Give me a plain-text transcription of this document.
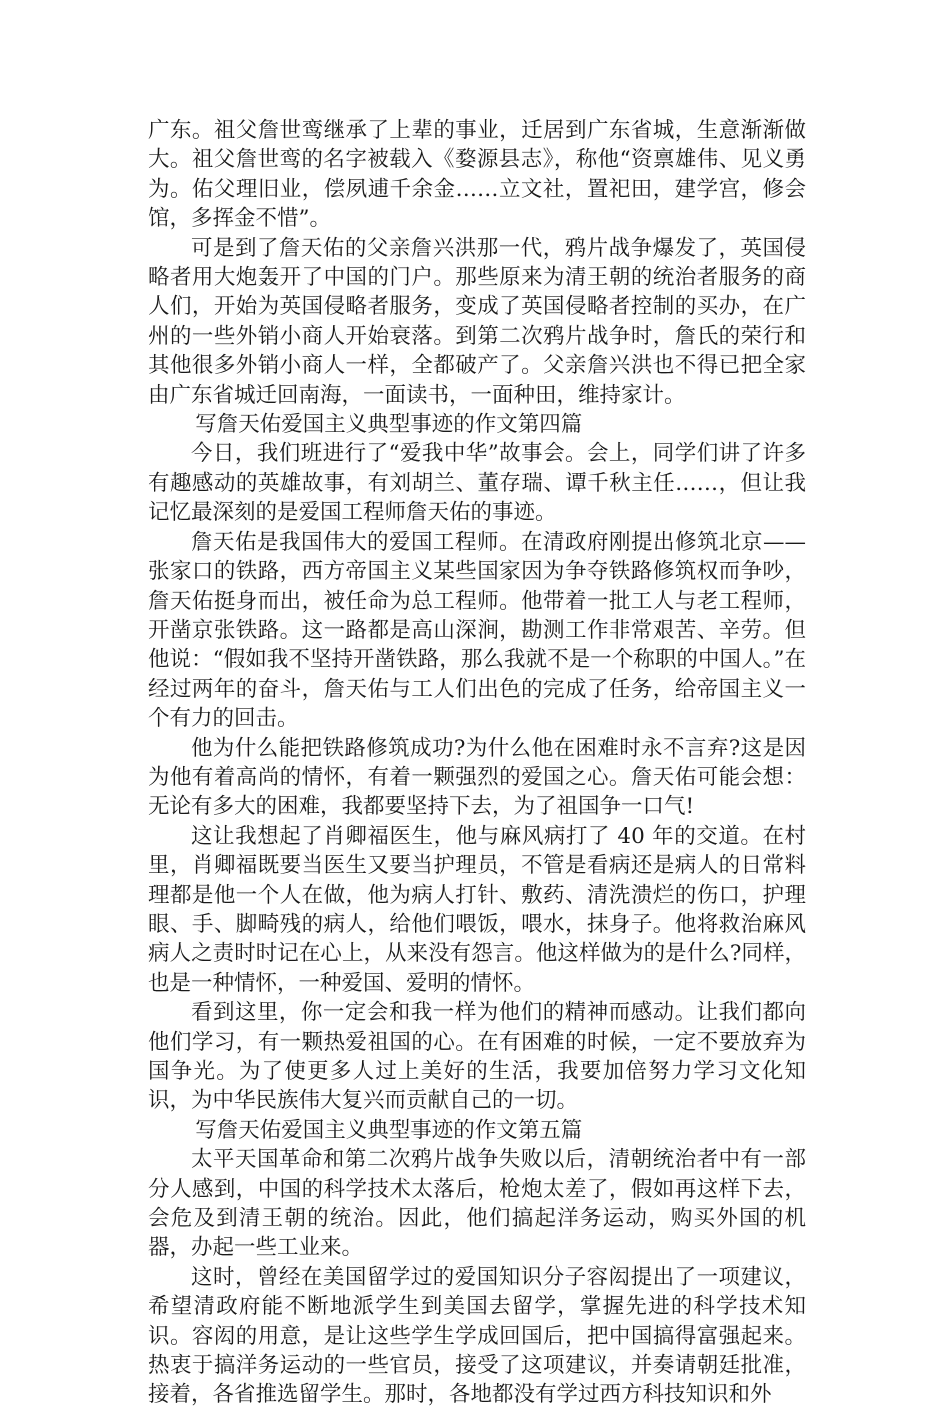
广东。祖父詹世鸾继承了上辈的事业，迁居到广东省城，生意渐渐做大。祖父詹世鸾的名字被载入《婺源县志》，称他“资禀雄伟、见义勇为。佑父理旧业，偿夙逋千余金……立文社，置祀田，建学宫，修会馆，多挥金不惜”。

可是到了詹天佑的父亲詹兴洪那一代，鸦片战争爆发了，英国侵略者用大炮轰开了中国的门户。那些原来为清王朝的统治者服务的商人们，开始为英国侵略者服务，变成了英国侵略者控制的买办，在广州的一些外销小商人开始衰落。到第二次鸦片战争时，詹氏的荣行和其他很多外销小商人一样，全都破产了。父亲詹兴洪也不得已把全家由广东省城迁回南海，一面读书，一面种田，维持家计。

写詹天佑爱国主义典型事迹的作文第四篇

今日，我们班进行了“爱我中华”故事会。会上，同学们讲了许多有趣感动的英雄故事，有刘胡兰、董存瑞、谭千秋主任……，但让我记忆最深刻的是爱国工程师詹天佑的事迹。

詹天佑是我国伟大的爱国工程师。在清政府刚提出修筑北京——张家口的铁路，西方帝国主义某些国家因为争夺铁路修筑权而争吵，詹天佑挺身而出，被任命为总工程师。他带着一批工人与老工程师，开凿京张铁路。这一路都是高山深涧，勘测工作非常艰苦、辛劳。但他说：“假如我不坚持开凿铁路，那么我就不是一个称职的中国人。”在经过两年的奋斗，詹天佑与工人们出色的完成了任务，给帝国主义一个有力的回击。

他为什么能把铁路修筑成功?为什么他在困难时永不言弃?这是因为他有着高尚的情怀，有着一颗强烈的爱国之心。詹天佑可能会想：无论有多大的困难，我都要坚持下去，为了祖国争一口气!

这让我想起了肖卿福医生，他与麻风病打了 40 年的交道。在村里，肖卿福既要当医生又要当护理员，不管是看病还是病人的日常料理都是他一个人在做，他为病人打针、敷药、清洗溃烂的伤口，护理眼、手、脚畸残的病人，给他们喂饭，喂水，抹身子。他将救治麻风病人之责时时记在心上，从来没有怨言。他这样做为的是什么?同样，也是一种情怀，一种爱国、爱明的情怀。

看到这里，你一定会和我一样为他们的精神而感动。让我们都向他们学习，有一颗热爱祖国的心。在有困难的时候，一定不要放弃为国争光。为了使更多人过上美好的生活，我要加倍努力学习文化知识，为中华民族伟大复兴而贡献自己的一切。

写詹天佑爱国主义典型事迹的作文第五篇

太平天国革命和第二次鸦片战争失败以后，清朝统治者中有一部分人感到，中国的科学技术太落后，枪炮太差了，假如再这样下去，会危及到清王朝的统治。因此，他们搞起洋务运动，购买外国的机器，办起一些工业来。

这时，曾经在美国留学过的爱国知识分子容闳提出了一项建议，希望清政府能不断地派学生到美国去留学，掌握先进的科学技术知识。容闳的用意，是让这些学生学成回国后，把中国搞得富强起来。热衷于搞洋务运动的一些官员，接受了这项建议，并奏请朝廷批准，接着，各省推选留学生。那时，各地都没有学过西方科技知识和外
